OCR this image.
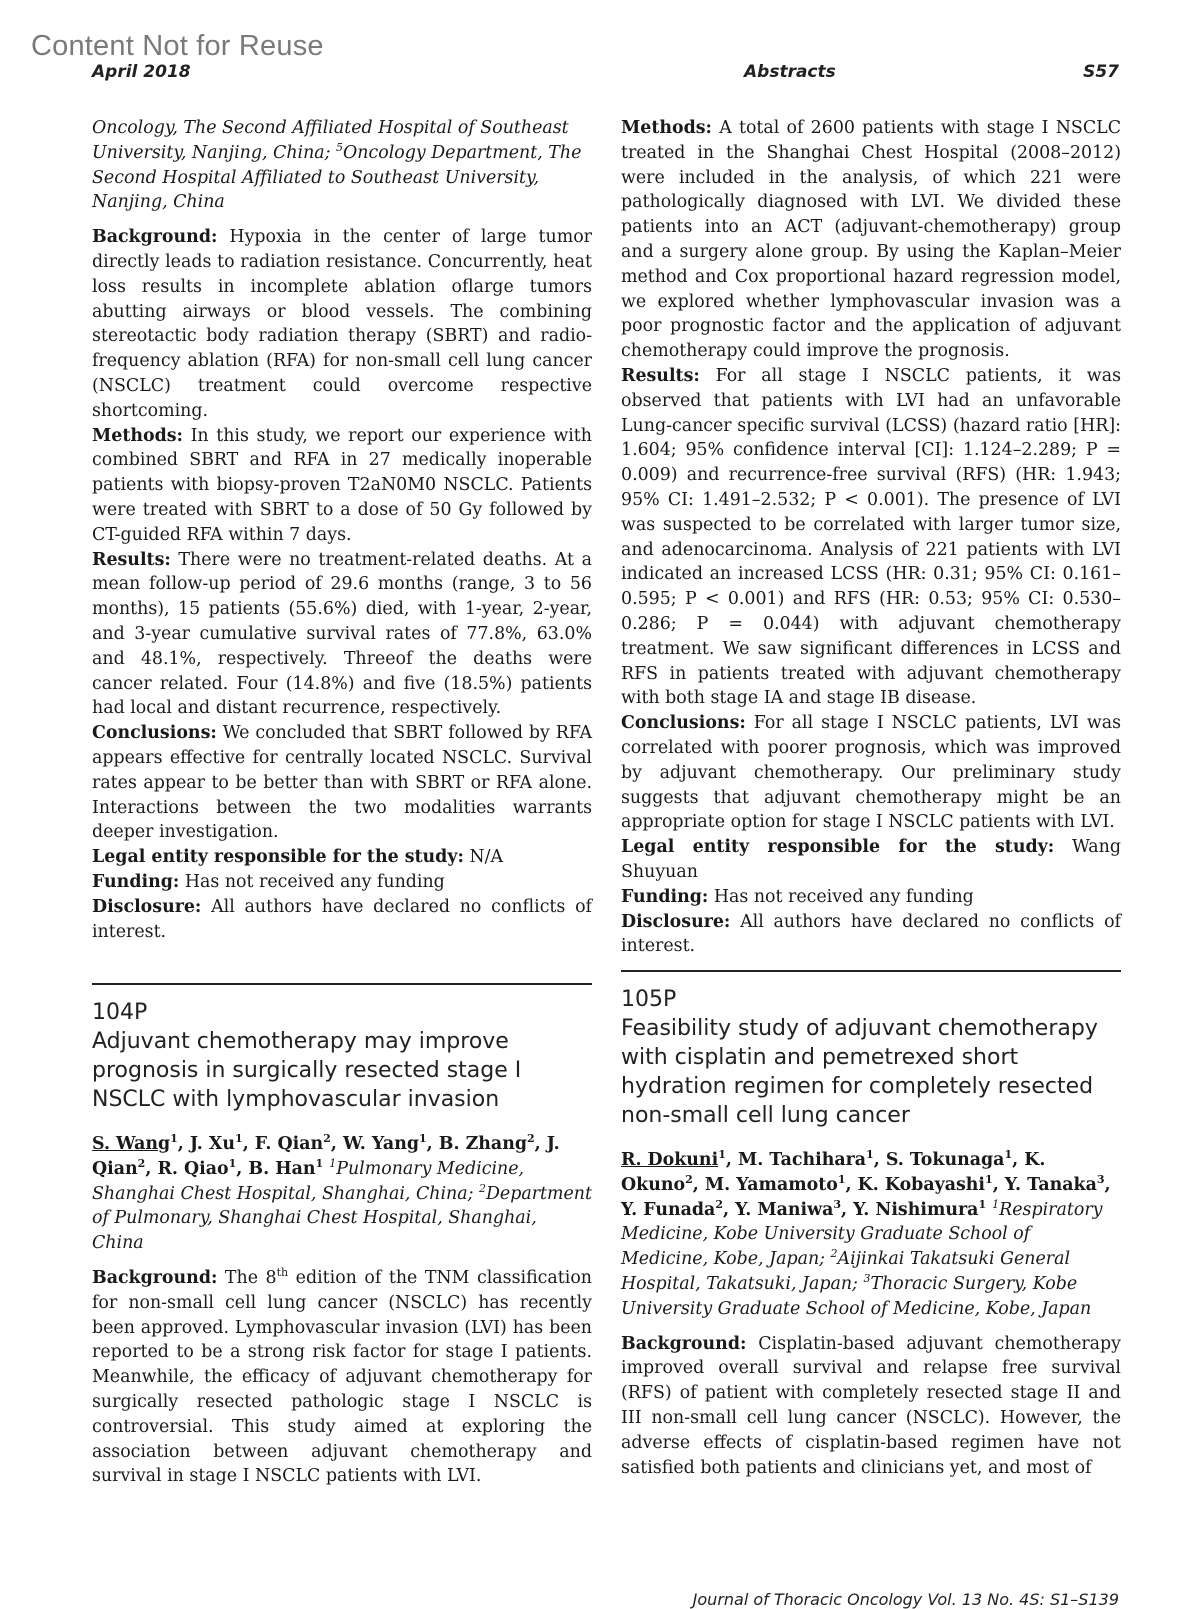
Content Not for Reuse
April 2018	Abstracts	S57

Oncology, The Second Affiliated Hospital of Southeast University, Nanjing, China; $^5$Oncology Department, The Second Hospital Affiliated to Southeast University, Nanjing, China

Background: Hypoxia in the center of large tumor directly leads to radiation resistance. Concurrently, heat loss results in incomplete ablation oflarge tumors abutting airways or blood vessels. The combining stereotactic body radiation therapy (SBRT) and radio-frequency ablation (RFA) for non-small cell lung cancer (NSCLC) treatment could overcome respective shortcoming.

Methods: In this study, we report our experience with combined SBRT and RFA in 27 medically inoperable patients with biopsy-proven T2aN0M0 NSCLC. Patients were treated with SBRT to a dose of 50 Gy followed by CT-guided RFA within 7 days.

Results: There were no treatment-related deaths. At a mean follow-up period of 29.6 months (range, 3 to 56 months), 15 patients (55.6%) died, with 1-year, 2-year, and 3-year cumulative survival rates of 77.8%, 63.0% and 48.1%, respectively. Threeof the deaths were cancer related. Four (14.8%) and five (18.5%) patients had local and distant recurrence, respectively.

Conclusions: We concluded that SBRT followed by RFA appears effective for centrally located NSCLC. Survival rates appear to be better than with SBRT or RFA alone. Interactions between the two modalities warrants deeper investigation.

Legal entity responsible for the study: N/A

Funding: Has not received any funding

Disclosure: All authors have declared no conflicts of interest.

104P

Adjuvant chemotherapy may improve prognosis in surgically resected stage I NSCLC with lymphovascular invasion

S. Wang$^1$, J. Xu$^1$, F. Qian$^2$, W. Yang$^1$, B. Zhang$^2$, J. Qian$^2$, R. Qiao$^1$, B. Han$^1$ $^1$Pulmonary Medicine, Shanghai Chest Hospital, Shanghai, China; $^2$Department of Pulmonary, Shanghai Chest Hospital, Shanghai, China

Background: The 8th edition of the TNM classification for non-small cell lung cancer (NSCLC) has recently been approved. Lymphovascular invasion (LVI) has been reported to be a strong risk factor for stage I patients. Meanwhile, the efficacy of adjuvant chemotherapy for surgically resected pathologic stage I NSCLC is controversial. This study aimed at exploring the association between adjuvant chemotherapy and survival in stage I NSCLC patients with LVI.

Methods: A total of 2600 patients with stage I NSCLC treated in the Shanghai Chest Hospital (2008–2012) were included in the analysis, of which 221 were pathologically diagnosed with LVI. We divided these patients into an ACT (adjuvant-chemotherapy) group and a surgery alone group. By using the Kaplan–Meier method and Cox proportional hazard regression model, we explored whether lymphovascular invasion was a poor prognostic factor and the application of adjuvant chemotherapy could improve the prognosis.

Results: For all stage I NSCLC patients, it was observed that patients with LVI had an unfavorable Lung-cancer specific survival (LCSS) (hazard ratio [HR]: 1.604; 95% confidence interval [CI]: 1.124–2.289; P = 0.009) and recurrence-free survival (RFS) (HR: 1.943; 95% CI: 1.491–2.532; P < 0.001). The presence of LVI was suspected to be correlated with larger tumor size, and adenocarcinoma. Analysis of 221 patients with LVI indicated an increased LCSS (HR: 0.31; 95% CI: 0.161–0.595; P < 0.001) and RFS (HR: 0.53; 95% CI: 0.530–0.286; P = 0.044) with adjuvant chemotherapy treatment. We saw significant differences in LCSS and RFS in patients treated with adjuvant chemotherapy with both stage IA and stage IB disease.

Conclusions: For all stage I NSCLC patients, LVI was correlated with poorer prognosis, which was improved by adjuvant chemotherapy. Our preliminary study suggests that adjuvant chemotherapy might be an appropriate option for stage I NSCLC patients with LVI.

Legal entity responsible for the study: Wang Shuyuan

Funding: Has not received any funding

Disclosure: All authors have declared no conflicts of interest.

105P

Feasibility study of adjuvant chemotherapy with cisplatin and pemetrexed short hydration regimen for completely resected non-small cell lung cancer

R. Dokuni$^1$, M. Tachihara$^1$, S. Tokunaga$^1$, K. Okuno$^2$, M. Yamamoto$^1$, K. Kobayashi$^1$, Y. Tanaka$^3$, Y. Funada$^2$, Y. Maniwa$^3$, Y. Nishimura$^1$ $^1$Respiratory Medicine, Kobe University Graduate School of Medicine, Kobe, Japan; $^2$Aijinkai Takatsuki General Hospital, Takatsuki, Japan; $^3$Thoracic Surgery, Kobe University Graduate School of Medicine, Kobe, Japan

Background: Cisplatin-based adjuvant chemotherapy improved overall survival and relapse free survival (RFS) of patient with completely resected stage II and III non-small cell lung cancer (NSCLC). However, the adverse effects of cisplatin-based regimen have not satisfied both patients and clinicians yet, and most of

Journal of Thoracic Oncology Vol. 13 No. 4S: S1–S139
